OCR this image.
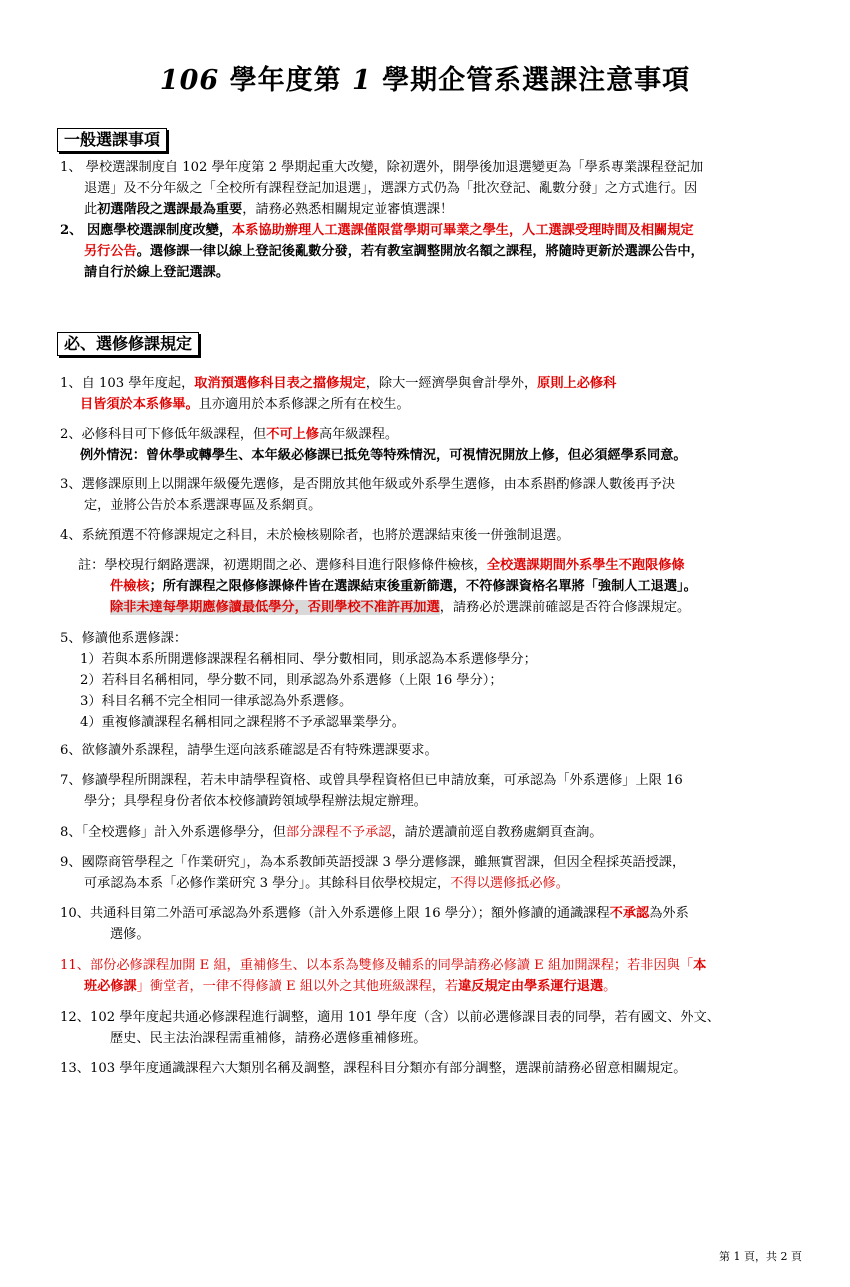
106 學年度第 1 學期企管系選課注意事項
一般選課事項
1、 學校選課制度自 102 學年度第 2 學期起重大改變，除初選外，開學後加退選變更為「學系專業課程登記加
退選」及不分年級之「全校所有課程登記加退選」，選課方式仍為「批次登記、亂數分發」之方式進行。因
此初選階段之選課最為重要，請務必熟悉相關規定並審慎選課！
2、 因應學校選課制度改變，本系協助辦理人工選課僅限當學期可畢業之學生，人工選課受理時間及相關規定
另行公告。選修課一律以線上登記後亂數分發，若有教室調整開放名額之課程，將隨時更新於選課公告中，
請自行於線上登記選課。
必、選修修課規定
1、自 103 學年度起，取消預選修科目表之擋修規定，除大一經濟學與會計學外，原則上必修科
目皆須於本系修畢。且亦適用於本系修課之所有在校生。
2、必修科目可下修低年級課程，但不可上修高年級課程。
例外情況：曾休學或轉學生、本年級必修課已抵免等特殊情況，可視情況開放上修，但必須經學系同意。
3、選修課原則上以開課年級優先選修，是否開放其他年級或外系學生選修，由本系斟酌修課人數後再予決
定，並將公告於本系選課專區及系網頁。
4、系統預選不符修課規定之科目，未於檢核剔除者，也將於選課結束後一併強制退選。
註：學校現行網路選課，初選期間之必、選修科目進行限修條件檢核，全校選課期間外系學生不跑限修條
件檢核；所有課程之限修修課條件皆在選課結束後重新篩選，不符修課資格名單將「強制人工退選」。
除非未達每學期應修讀最低學分，否則學校不准許再加選，請務必於選課前確認是否符合修課規定。
5、修讀他系選修課：
1）若與本系所開選修課課程名稱相同、學分數相同，則承認為本系選修學分；
2）若科目名稱相同，學分數不同，則承認為外系選修（上限 16 學分）；
3）科目名稱不完全相同一律承認為外系選修。
4）重複修讀課程名稱相同之課程將不予承認畢業學分。
6、欲修讀外系課程，請學生逕向該系確認是否有特殊選課要求。
7、修讀學程所開課程，若未申請學程資格、或曾具學程資格但已申請放棄，可承認為「外系選修」上限 16
學分；具學程身份者依本校修讀跨領域學程辦法規定辦理。
8、「全校選修」計入外系選修學分，但部分課程不予承認，請於選讀前逕自教務處網頁查詢。
9、國際商管學程之「作業研究」，為本系教師英語授課 3 學分選修課，雖無實習課，但因全程採英語授課，
可承認為本系「必修作業研究 3 學分」。其餘科目依學校規定，不得以選修抵必修。
10、共通科目第二外語可承認為外系選修（計入外系選修上限 16 學分）；額外修讀的通識課程不承認為外系
選修。
11、部份必修課程加開 E 組，重補修生、以本系為雙修及輔系的同學請務必修讀 E 組加開課程；若非因與「本
班必修課」衝堂者，一律不得修讀 E 組以外之其他班級課程，若違反規定由學系運行退選。
12、102 學年度起共通必修課程進行調整，適用 101 學年度（含）以前必選修課目表的同學，若有國文、外文、
歷史、民主法治課程需重補修，請務必選修重補修班。
13、103 學年度通識課程六大類別名稱及調整，課程科目分類亦有部分調整，選課前請務必留意相關規定。
第 1 頁，共 2 頁
